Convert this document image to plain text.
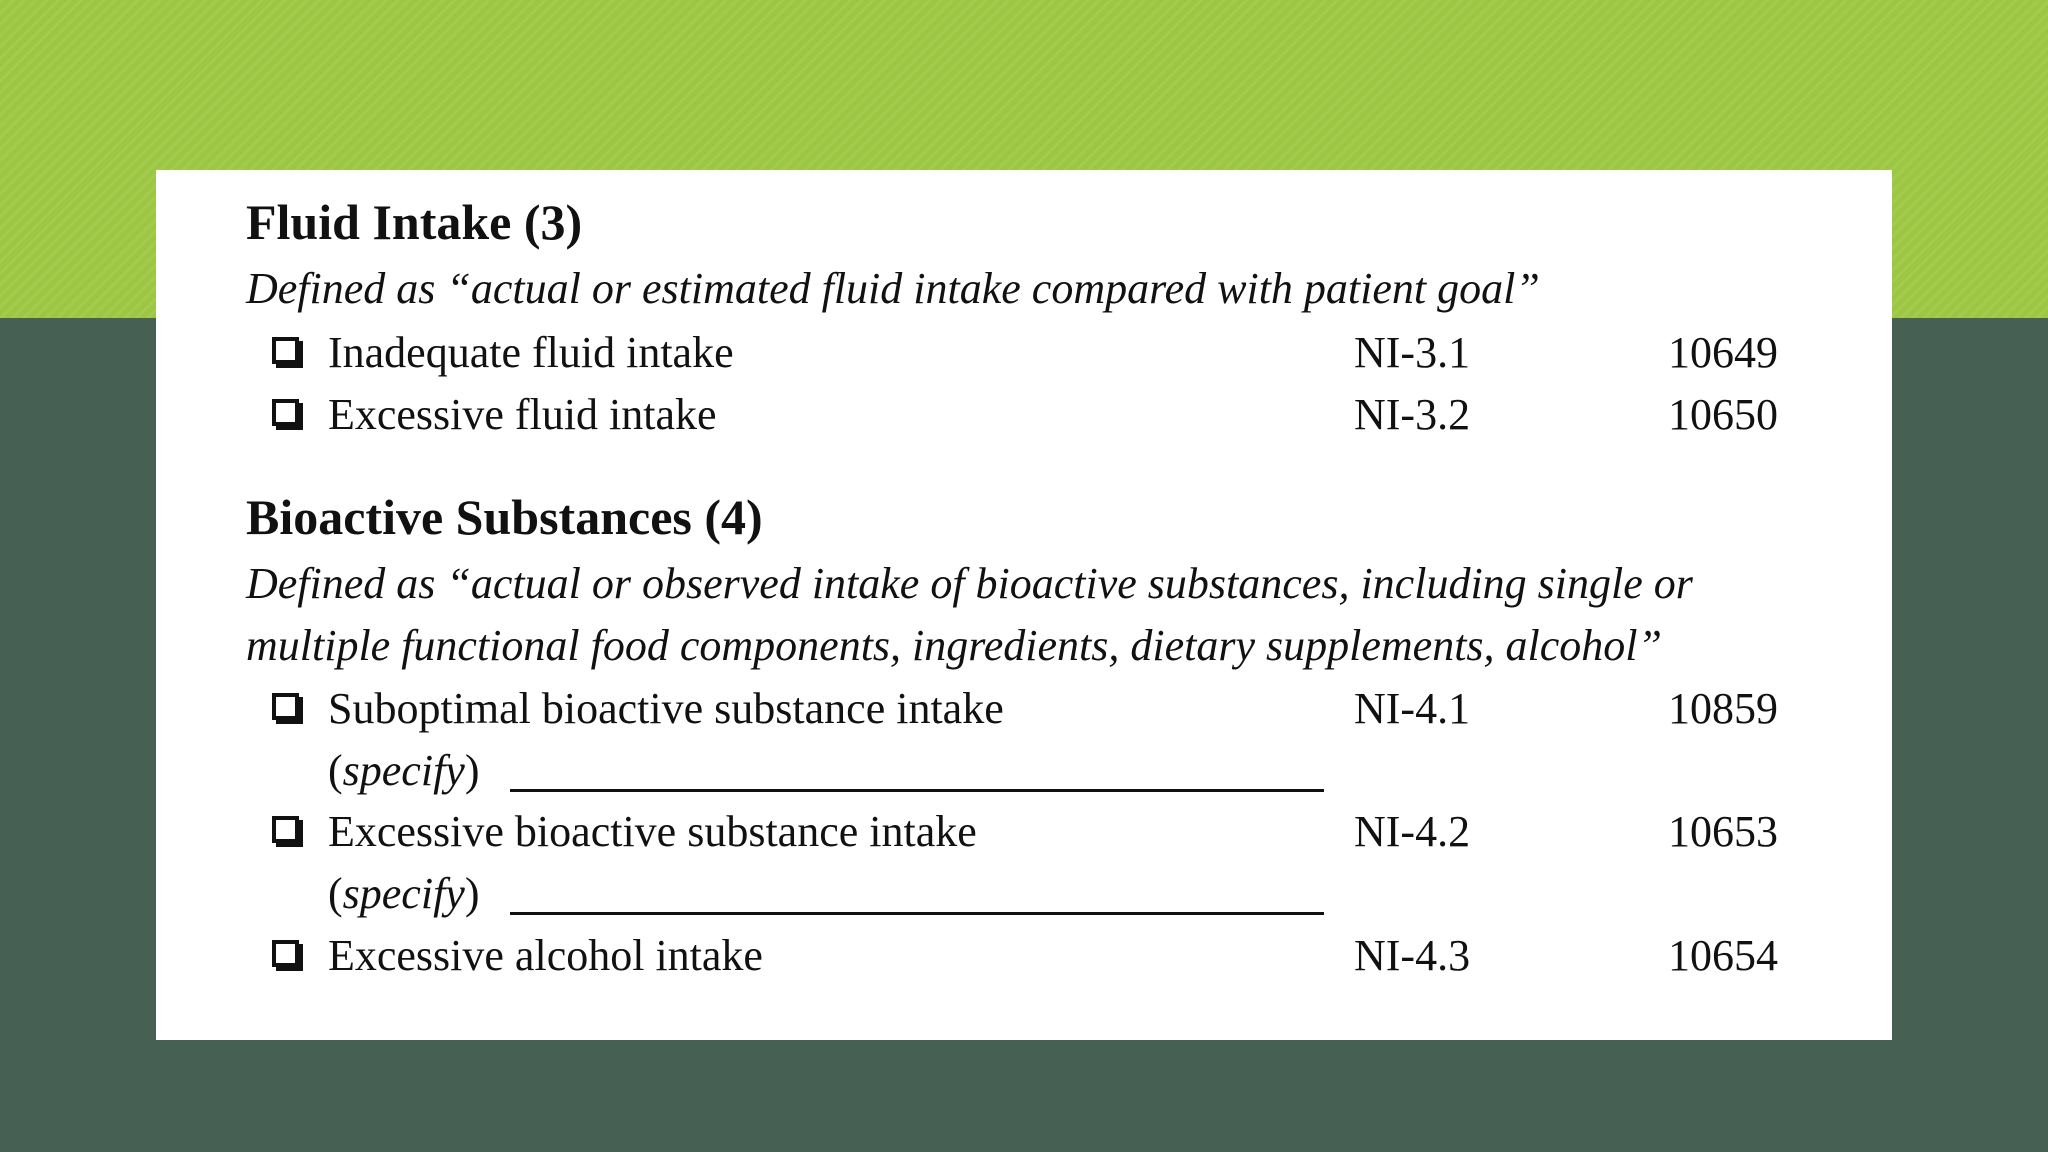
Fluid Intake (3)
Defined as “actual or estimated fluid intake compared with patient goal”
Inadequate fluid intake	NI-3.1	10649
Excessive fluid intake	NI-3.2	10650
Bioactive Substances (4)
Defined as “actual or observed intake of bioactive substances, including single or
multiple functional food components, ingredients, dietary supplements, alcohol”
Suboptimal bioactive substance intake	NI-4.1	10859
(specify)
Excessive bioactive substance intake	NI-4.2	10653
(specify)
Excessive alcohol intake	NI-4.3	10654
